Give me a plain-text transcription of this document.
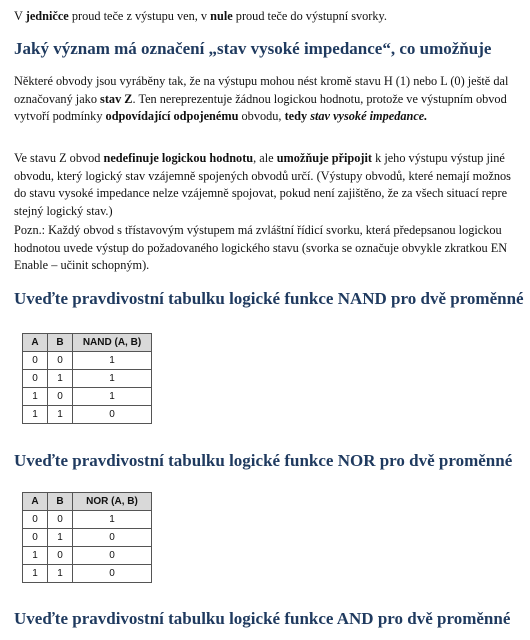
V jedničce proud teče z výstupu ven, v nule proud teče do výstupní svorky.

Jaký význam má označení „stav vysoké impedance“, co umožňuje

Některé obvody jsou vyráběny tak, že na výstupu mohou nést kromě stavu H (1) nebo L (0) ještě dal

označovaný jako stav Z. Ten nereprezentuje žádnou logickou hodnotu, protože ve výstupním obvod

vytvoří podmínky odpovídající odpojenému obvodu, tedy stav vysoké impedance.

Ve stavu Z obvod nedefinuje logickou hodnotu, ale umožňuje připojit k jeho výstupu výstup jiné

obvodu, který logický stav vzájemně spojených obvodů určí. (Výstupy obvodů, které nemají možnos

do stavu vysoké impedance nelze vzájemně spojovat, pokud není zajištěno, že za všech situací repre

stejný logický stav.)

Pozn.: Každý obvod s třístavovým výstupem má zvláštní řídicí svorku, která předepsanou logickou

hodnotou uvede výstup do požadovaného logického stavu (svorka se označuje obvykle zkratkou EN

Enable – učinit schopným).

Uveďte pravdivostní tabulku logické funkce NAND pro dvě proměnné
A	B	NAND (A, B)
0	0	1
0	1	1
1	0	1
1	1	0
Uveďte pravdivostní tabulku logické funkce NOR pro dvě proměnné
A	B	NOR (A, B)
0	0	1
0	1	0
1	0	0
1	1	0
Uveďte pravdivostní tabulku logické funkce AND pro dvě proměnné
